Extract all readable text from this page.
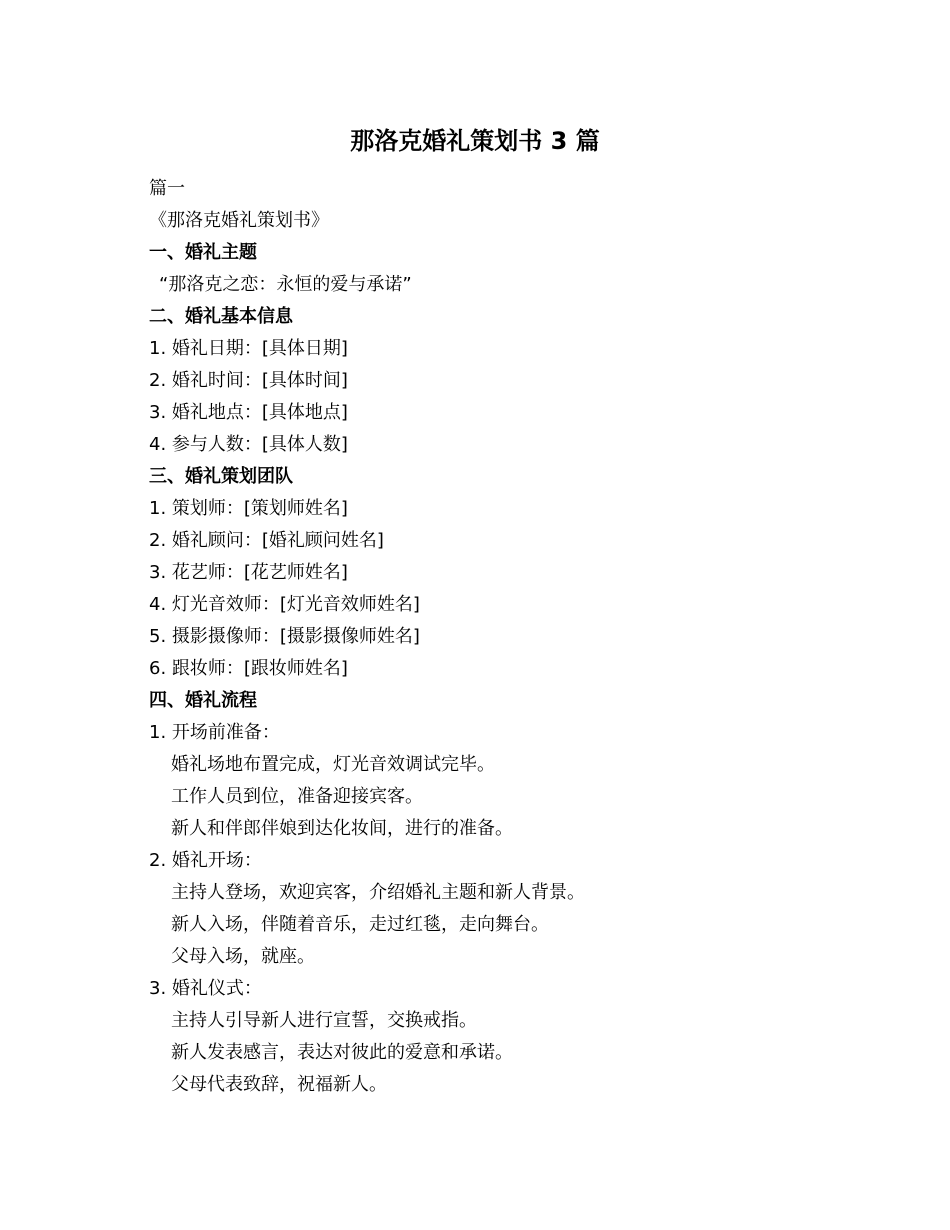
那洛克婚礼策划书 3 篇
篇一
《那洛克婚礼策划书》
一、婚礼主题
“那洛克之恋：永恒的爱与承诺”
二、婚礼基本信息
1. 婚礼日期：[具体日期]
2. 婚礼时间：[具体时间]
3. 婚礼地点：[具体地点]
4. 参与人数：[具体人数]
三、婚礼策划团队
1. 策划师：[策划师姓名]
2. 婚礼顾问：[婚礼顾问姓名]
3. 花艺师：[花艺师姓名]
4. 灯光音效师：[灯光音效师姓名]
5. 摄影摄像师：[摄影摄像师姓名]
6. 跟妆师：[跟妆师姓名]
四、婚礼流程
1. 开场前准备：
婚礼场地布置完成，灯光音效调试完毕。
工作人员到位，准备迎接宾客。
新人和伴郎伴娘到达化妆间，进行的准备。
2. 婚礼开场：
主持人登场，欢迎宾客，介绍婚礼主题和新人背景。
新人入场，伴随着音乐，走过红毯，走向舞台。
父母入场，就座。
3. 婚礼仪式：
主持人引导新人进行宣誓，交换戒指。
新人发表感言，表达对彼此的爱意和承诺。
父母代表致辞，祝福新人。
